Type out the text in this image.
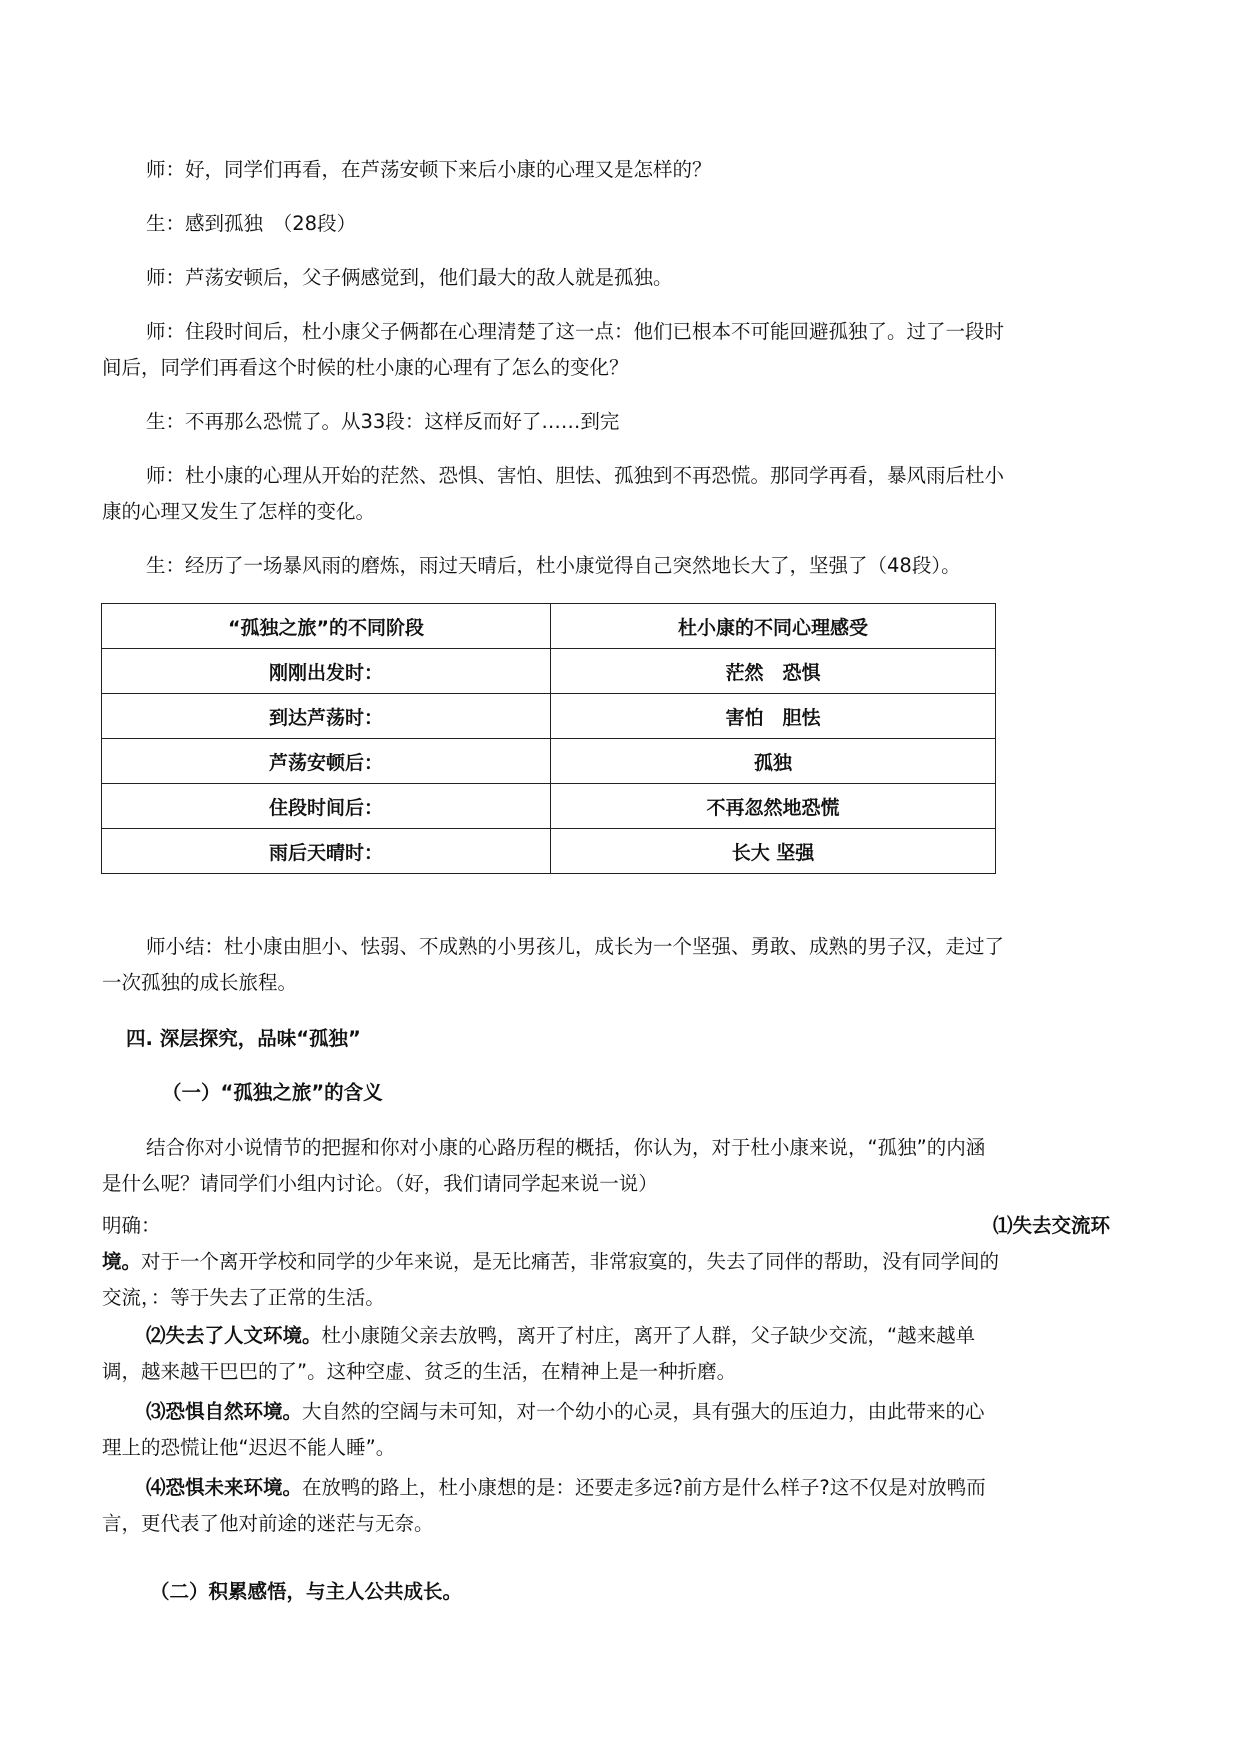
师：好，同学们再看，在芦荡安顿下来后小康的心理又是怎样的？

生：感到孤独　（28段）

师：芦荡安顿后，父子俩感觉到，他们最大的敌人就是孤独。

师：住段时间后，杜小康父子俩都在心理清楚了这一点：他们已根本不可能回避孤独了。过了一段时
间后，同学们再看这个时候的杜小康的心理有了怎么的变化？

生：不再那么恐慌了。从33段：这样反而好了……到完

师：杜小康的心理从开始的茫然、恐惧、害怕、胆怯、孤独到不再恐慌。那同学再看，暴风雨后杜小
康的心理又发生了怎样的变化。

生：经历了一场暴风雨的磨炼，雨过天晴后，杜小康觉得自己突然地长大了，坚强了（48段）。

“孤独之旅”的不同阶段	杜小康的不同心理感受
刚刚出发时：	茫然　恐惧
到达芦荡时：	害怕　胆怯
芦荡安顿后：	孤独
住段时间后：	不再忽然地恐慌
雨后天晴时：	长大 坚强

师小结：杜小康由胆小、怯弱、不成熟的小男孩儿，成长为一个坚强、勇敢、成熟的男子汉，走过了
一次孤独的成长旅程。

四. 深层探究，品味“孤独”

（一）“孤独之旅”的含义

结合你对小说情节的把握和你对小康的心路历程的概括，你认为，对于杜小康来说，“孤独”的内涵
是什么呢？请同学们小组内讨论。（好，我们请同学起来说一说）

明确：	⑴失去交流环

境。对于一个离开学校和同学的少年来说，是无比痛苦，非常寂寞的，失去了同伴的帮助，没有同学间的
交流，：等于失去了正常的生活。

⑵失去了人文环境。杜小康随父亲去放鸭，离开了村庄，离开了人群，父子缺少交流，“越来越单
调，越来越干巴巴的了”。这种空虚、贫乏的生活，在精神上是一种折磨。

⑶恐惧自然环境。大自然的空阔与未可知，对一个幼小的心灵，具有强大的压迫力，由此带来的心
理上的恐慌让他“迟迟不能人睡”。

⑷恐惧未来环境。在放鸭的路上，杜小康想的是：还要走多远?前方是什么样子?这不仅是对放鸭而
言，更代表了他对前途的迷茫与无奈。

（二）积累感悟，与主人公共成长。
